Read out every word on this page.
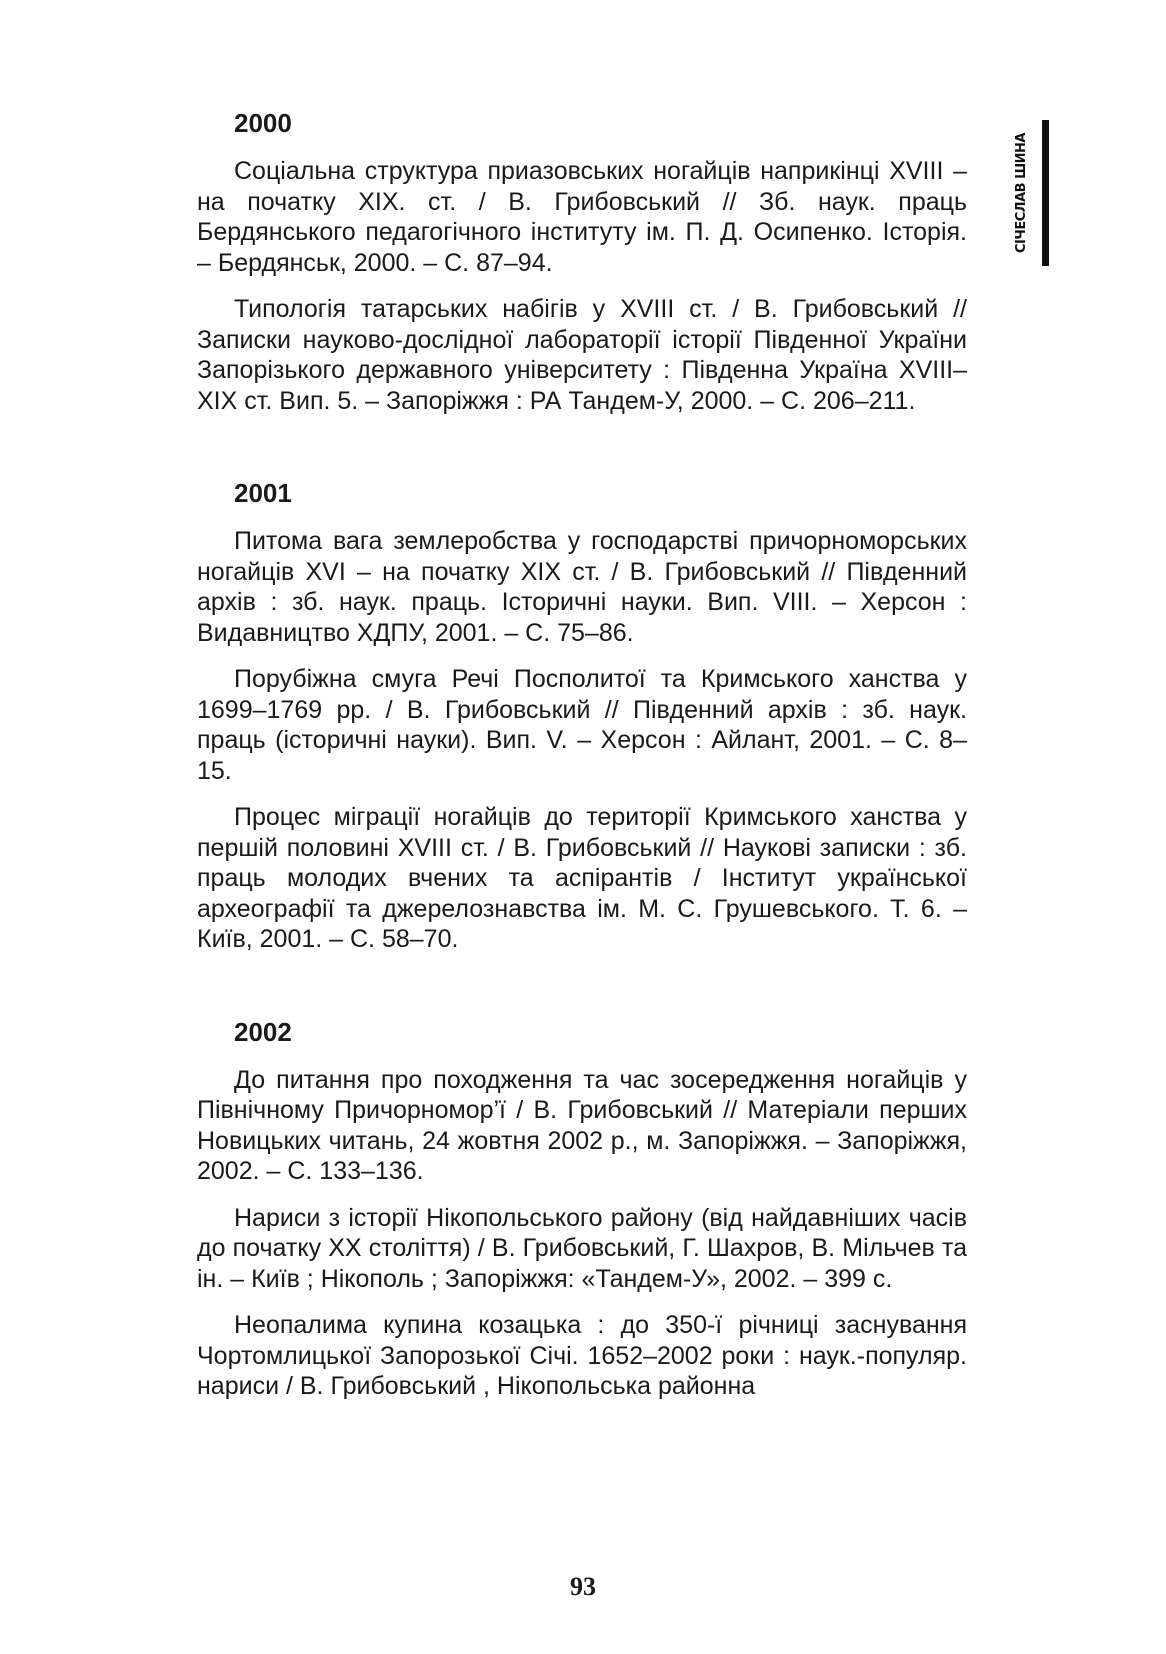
СІЧЕСЛАВ ШИНА
2000

Соціальна структура приазовських ногайців наприкінці XVIII – на початку XIX. ст. / В. Грибовський // Зб. наук. праць Бердянського педагогічного інституту ім. П. Д. Осипенко. Історія. – Бердянськ, 2000. – С. 87–94.

Типологія татарських набігів у XVIII ст. / В. Грибовський // Записки науково-дослідної лабораторії історії Південної України Запорізького державного університету : Південна Україна XVIII–XIX ст. Вип. 5. – Запоріжжя : РА Тандем-У, 2000. – С. 206–211.

2001

Питома вага землеробства у господарстві причорноморських ногайців XVI – на початку XIX ст. / В. Грибовський // Південний архів : зб. наук. праць. Історичні науки. Вип. VIII. – Херсон : Видавництво ХДПУ, 2001. – С. 75–86.

Порубіжна смуга Речі Посполитої та Кримського ханства у 1699–1769 рр. / В. Грибовський // Південний архів : зб. наук. праць (історичні науки). Вип. V. – Херсон : Айлант, 2001. – С. 8–15.

Процес міграції ногайців до території Кримського ханства у першій половині XVIII ст. / В. Грибовський // Наукові записки : зб. праць молодих вчених та аспірантів / Інститут української археографії та джерелознавства ім. М. С. Грушевського. Т. 6. – Київ, 2001. – С. 58–70.

2002

До питання про походження та час зосередження ногайців у Північному Причорномор’ї / В. Грибовський // Матеріали перших Новицьких читань, 24 жовтня 2002 р., м. Запоріжжя. – Запоріжжя, 2002. – С. 133–136.

Нариси з історії Нікопольського району (від найдавніших часів до початку XX століття) / В. Грибовський, Г. Шахров, В. Мільчев та ін. – Київ ; Нікополь ; Запоріжжя: «Тандем-У», 2002. – 399 с.

Неопалима купина козацька : до 350-ї річниці заснування Чортомлицької Запорозької Січі. 1652–2002 роки : наук.-популяр. нариси / В. Грибовський , Нікопольська районна

93
